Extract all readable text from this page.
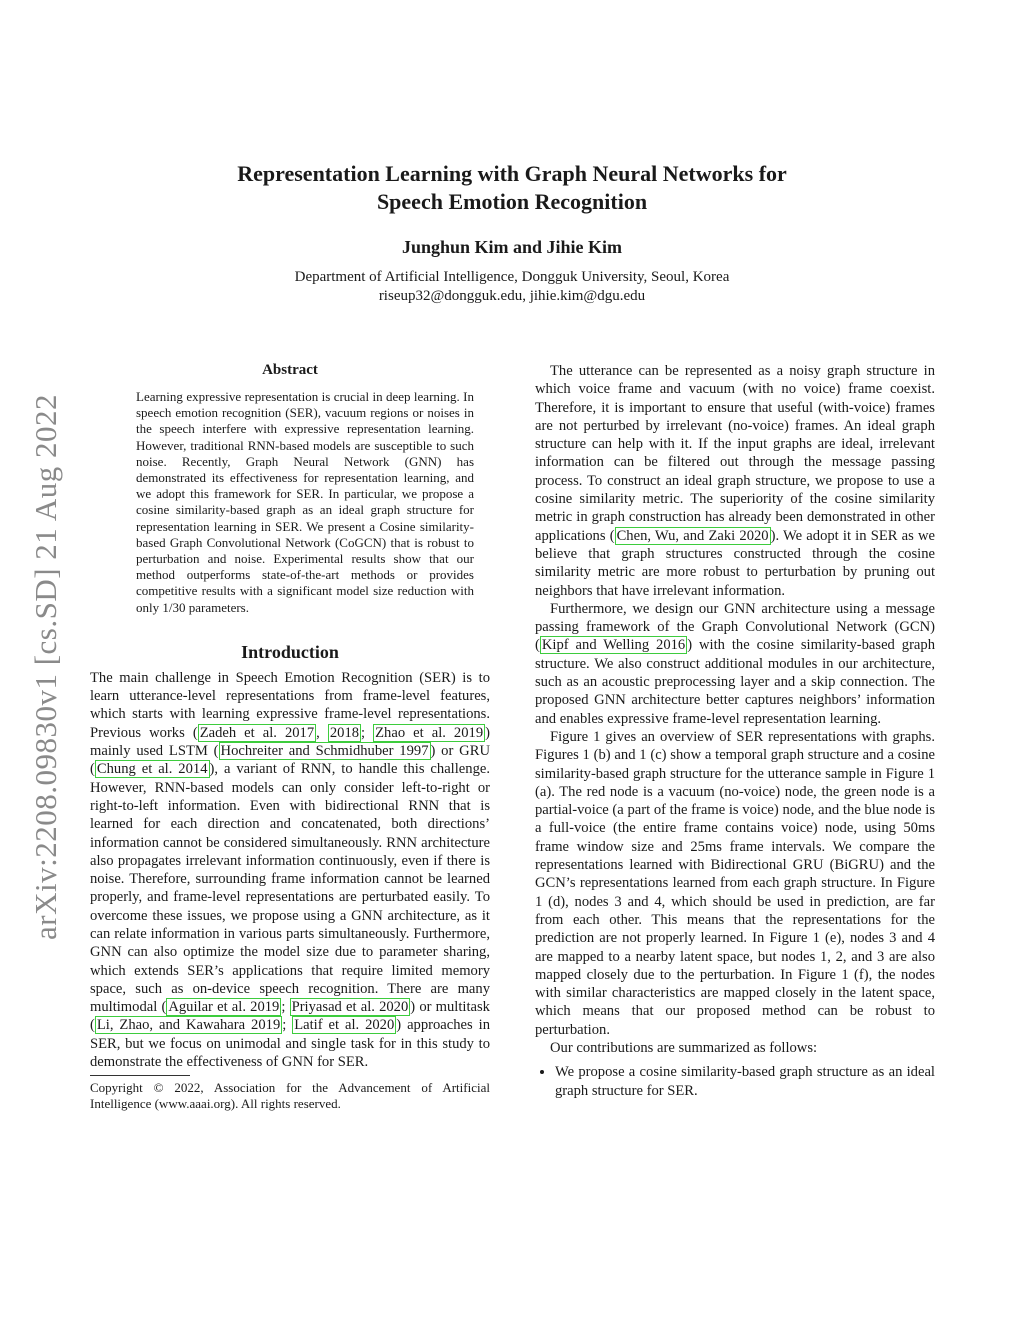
arXiv:2208.09830v1 [cs.SD] 21 Aug 2022
Representation Learning with Graph Neural Networks for
Speech Emotion Recognition
Junghun Kim and Jihie Kim
Department of Artificial Intelligence, Dongguk University, Seoul, Korea
riseup32@dongguk.edu, jihie.kim@dgu.edu
Abstract
Learning expressive representation is crucial in deep learning. In speech emotion recognition (SER), vacuum regions or noises in the speech interfere with expressive representation learning. However, traditional RNN-based models are susceptible to such noise. Recently, Graph Neural Network (GNN) has demonstrated its effectiveness for representation learning, and we adopt this framework for SER. In particular, we propose a cosine similarity-based graph as an ideal graph structure for representation learning in SER. We present a Cosine similarity-based Graph Convolutional Network (CoGCN) that is robust to perturbation and noise. Experimental results show that our method outperforms state-of-the-art methods or provides competitive results with a significant model size reduction with only 1/30 parameters.
Introduction

The main challenge in Speech Emotion Recognition (SER) is to learn utterance-level representations from frame-level features, which starts with learning expressive frame-level representations. Previous works ( Zadeh et al. 2017 , 2018 ; Zhao et al. 2019 ) mainly used LSTM ( Hochreiter and Schmidhuber 1997 ) or GRU ( Chung et al. 2014 ), a variant of RNN, to handle this challenge. However, RNN-based models can only consider left-to-right or right-to-left information. Even with bidirectional RNN that is learned for each direction and concatenated, both directions’ information cannot be considered simultaneously. RNN architecture also propagates irrelevant information continuously, even if there is noise. Therefore, surrounding frame information cannot be learned properly, and frame-level representations are perturbated easily. To overcome these issues, we propose using a GNN architecture, as it can relate information in various parts simultaneously. Furthermore, GNN can also optimize the model size due to parameter sharing, which extends SER’s applications that require limited memory space, such as on-device speech recognition. There are many multimodal ( Aguilar et al. 2019 ; Priyasad et al. 2020 ) or multitask ( Li, Zhao, and Kawahara 2019 ; Latif et al. 2020 ) approaches in SER, but we focus on unimodal and single task for in this study to demonstrate the effectiveness of GNN for SER.

Copyright © 2022, Association for the Advancement of Artificial Intelligence (www.aaai.org). All rights reserved.

The utterance can be represented as a noisy graph structure in which voice frame and vacuum (with no voice) frame coexist. Therefore, it is important to ensure that useful (with-voice) frames are not perturbed by irrelevant (no-voice) frames. An ideal graph structure can help with it. If the input graphs are ideal, irrelevant information can be filtered out through the message passing process. To construct an ideal graph structure, we propose to use a cosine similarity metric. The superiority of the cosine similarity metric in graph construction has already been demonstrated in other applications ( Chen, Wu, and Zaki 2020 ). We adopt it in SER as we believe that graph structures constructed through the cosine similarity metric are more robust to perturbation by pruning out neighbors that have irrelevant information.

Furthermore, we design our GNN architecture using a message passing framework of the Graph Convolutional Network (GCN) ( Kipf and Welling 2016 ) with the cosine similarity-based graph structure. We also construct additional modules in our architecture, such as an acoustic preprocessing layer and a skip connection. The proposed GNN architecture better captures neighbors’ information and enables expressive frame-level representation learning.

Figure 1 gives an overview of SER representations with graphs. Figures 1 (b) and 1 (c) show a temporal graph structure and a cosine similarity-based graph structure for the utterance sample in Figure 1 (a). The red node is a vacuum (no-voice) node, the green node is a partial-voice (a part of the frame is voice) node, and the blue node is a full-voice (the entire frame contains voice) node, using 50ms frame window size and 25ms frame intervals. We compare the representations learned with Bidirectional GRU (BiGRU) and the GCN’s representations learned from each graph structure. In Figure 1 (d), nodes 3 and 4, which should be used in prediction, are far from each other. This means that the representations for the prediction are not properly learned. In Figure 1 (e), nodes 3 and 4 are mapped to a nearby latent space, but nodes 1, 2, and 3 are also mapped closely due to the perturbation. In Figure 1 (f), the nodes with similar characteristics are mapped closely in the latent space, which means that our proposed method can be robust to perturbation.

Our contributions are summarized as follows:

• We propose a cosine similarity-based graph structure as an ideal graph structure for SER.
